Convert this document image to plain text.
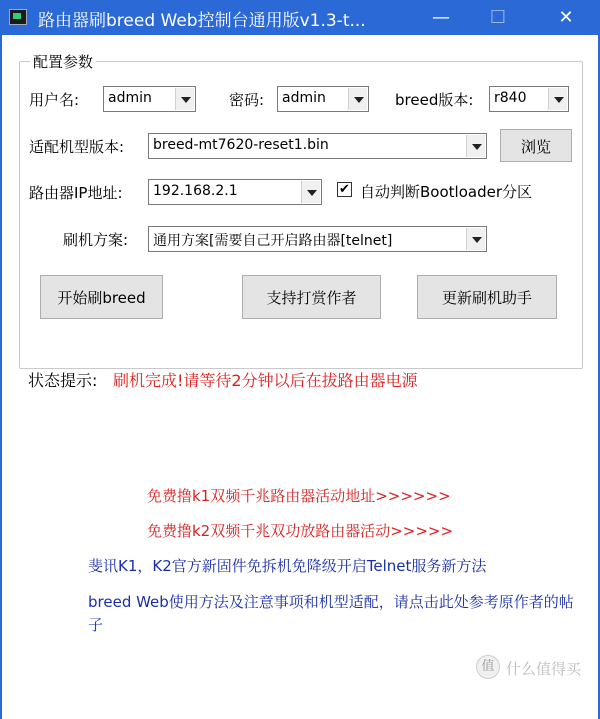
路由器刷breed Web控制台通用版v1.3-t...	—	☐	✕
配置参数
用户名: admin	密码: admin	breed版本: r840
适配机型版本: breed-mt7620-reset1.bin	浏览
路由器IP地址: 192.168.2.1	✔ 自动判断Bootloader分区
刷机方案: 通用方案[需要自己开启路由器[telnet]
开始刷breed	支持打赏作者	更新刷机助手
状态提示: 刷机完成!请等待2分钟以后在拔路由器电源
免费撸k1双频千兆路由器活动地址>>>>>>
免费撸k2双频千兆双功放路由器活动>>>>>
斐讯K1，K2官方新固件免拆机免降级开启Telnet服务新方法
breed Web使用方法及注意事项和机型适配，请点击此处参考原作者的帖子
值 什么值得买
